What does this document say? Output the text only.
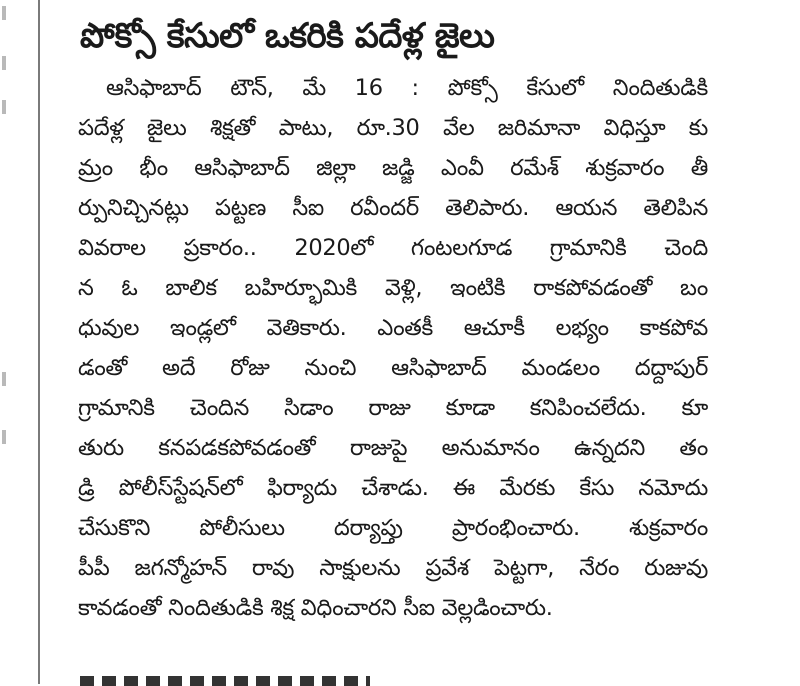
పోక్సో కేసులో ఒకరికి పదేళ్ల జైలు
ఆసిఫాబాద్ టౌన్, మే 16 : పోక్సో కేసులో నిందితుడికి
పదేళ్ల జైలు శిక్షతో పాటు, రూ.30 వేల జరిమానా విధిస్తూ కు
మ్రం భీం ఆసిఫాబాద్ జిల్లా జడ్జి ఎంవీ రమేశ్ శుక్రవారం తీ
ర్పునిచ్చినట్లు పట్టణ సీఐ రవీందర్ తెలిపారు. ఆయన తెలిపిన
వివరాల ప్రకారం.. 2020లో గంటలగూడ గ్రామానికి చెంది
న ఓ బాలిక బహిర్భూమికి వెళ్లి, ఇంటికి రాకపోవడంతో బం
ధువుల ఇండ్లలో వెతికారు. ఎంతకీ ఆచూకీ లభ్యం కాకపోవ
డంతో అదే రోజు నుంచి ఆసిఫాబాద్ మండలం దద్దాపుర్
గ్రామానికి చెందిన సిడాం రాజు కూడా కనిపించలేదు. కూ
తురు కనపడకపోవడంతో రాజుపై అనుమానం ఉన్నదని తం
డ్రి పోలీస్‌స్టేషన్‌లో ఫిర్యాదు చేశాడు. ఈ మేరకు కేసు నమోదు
చేసుకొని పోలీసులు దర్యాప్తు ప్రారంభించారు. శుక్రవారం
పీపీ జగన్మోహన్ రావు సాక్షులను ప్రవేశ పెట్టగా, నేరం రుజువు
కావడంతో నిందితుడికి శిక్ష విధించారని సీఐ వెల్లడించారు.
